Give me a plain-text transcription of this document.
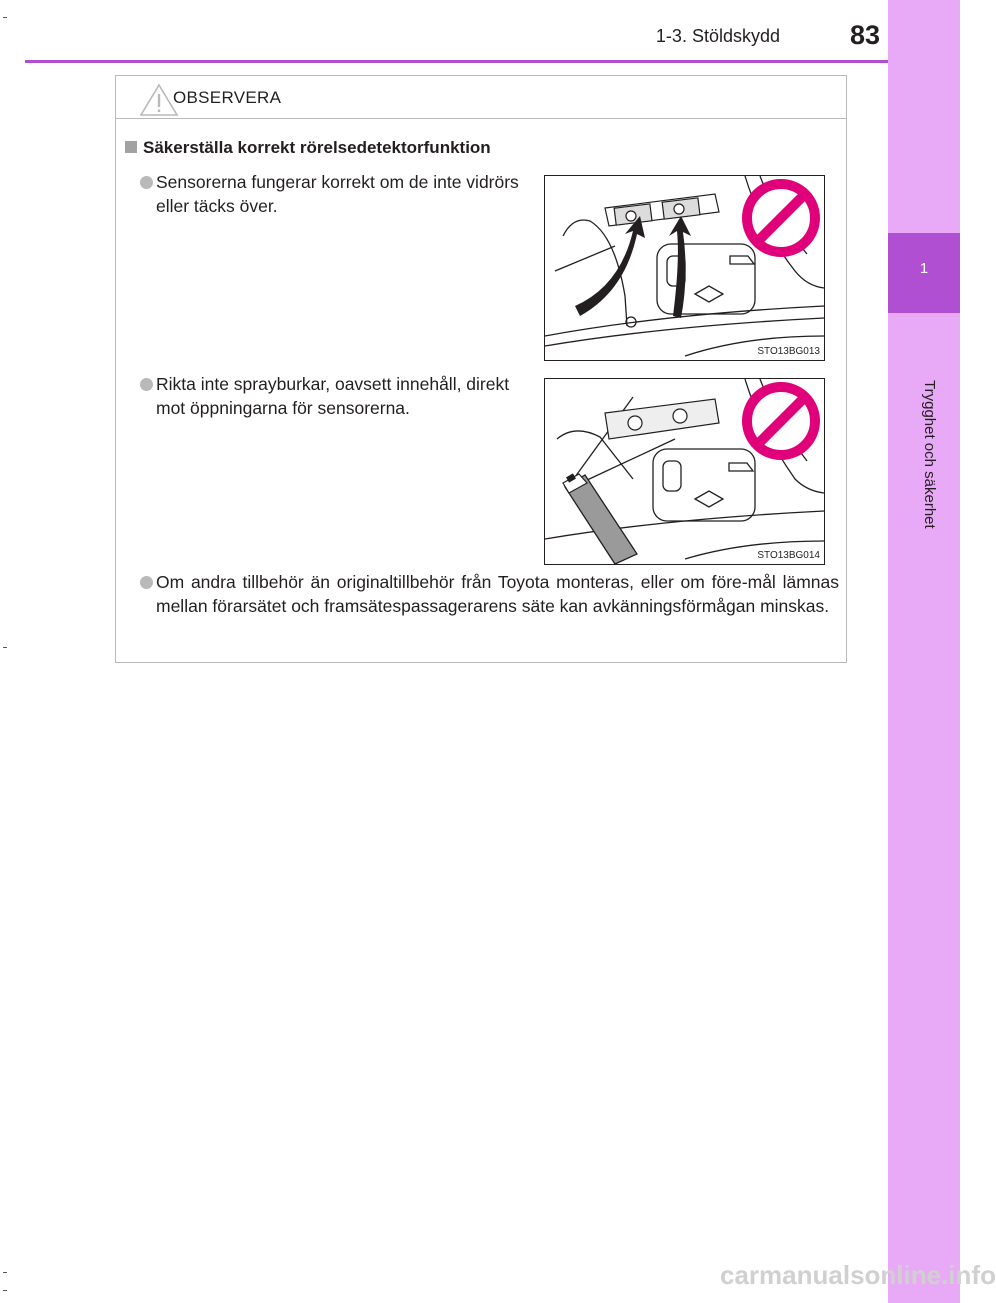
1
Trygghet och säkerhet
1-3. Stöldskydd	83
OBSERVERA
Säkerställa korrekt rörelsedetektorfunktion
Sensorerna fungerar korrekt om de inte vidrörs eller täcks över.
Rikta inte sprayburkar, oavsett innehåll, direkt mot öppningarna för sensorerna.
Om andra tillbehör än originaltillbehör från Toyota monteras, eller om före-mål lämnas mellan förarsätet och framsätespassagerarens säte kan avkänningsförmågan minskas.
STO13BG013
STO13BG014
carmanualsonline.info
